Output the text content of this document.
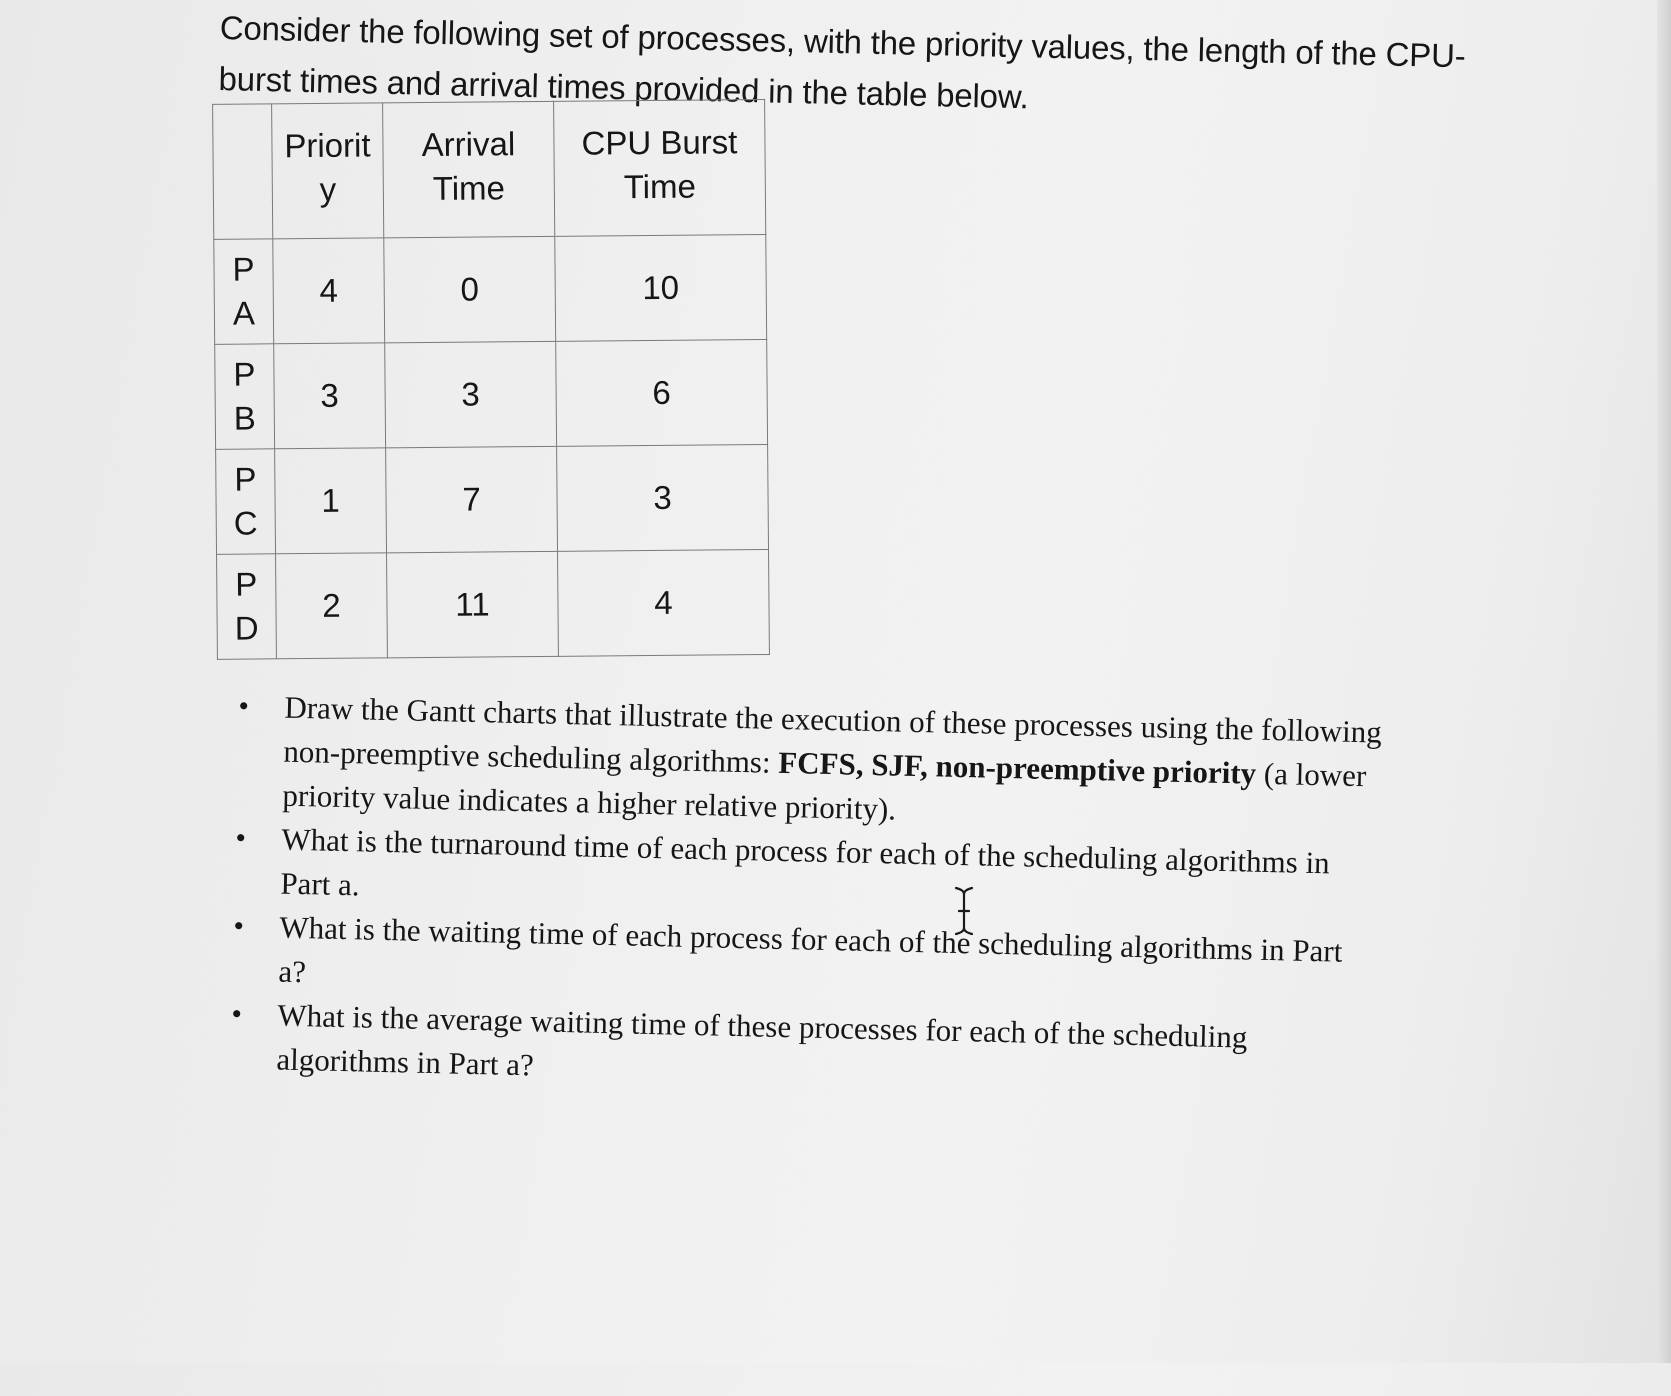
Consider the following set of processes, with the priority values, the length of the CPU-burst times and arrival times provided in the table below.

	Priority	Arrival Time	CPU Burst Time

PA	4	0	10

PB	3	3	6

PC	1	7	3

PD	2	11	4
• Draw the Gantt charts that illustrate the execution of these processes using the following non-preemptive scheduling algorithms: FCFS, SJF, non-preemptive priority (a lower priority value indicates a higher relative priority).
• What is the turnaround time of each process for each of the scheduling algorithms in Part a.
• What is the waiting time of each process for each of the scheduling algorithms in Part a?
• What is the average waiting time of these processes for each of the scheduling algorithms in Part a?
